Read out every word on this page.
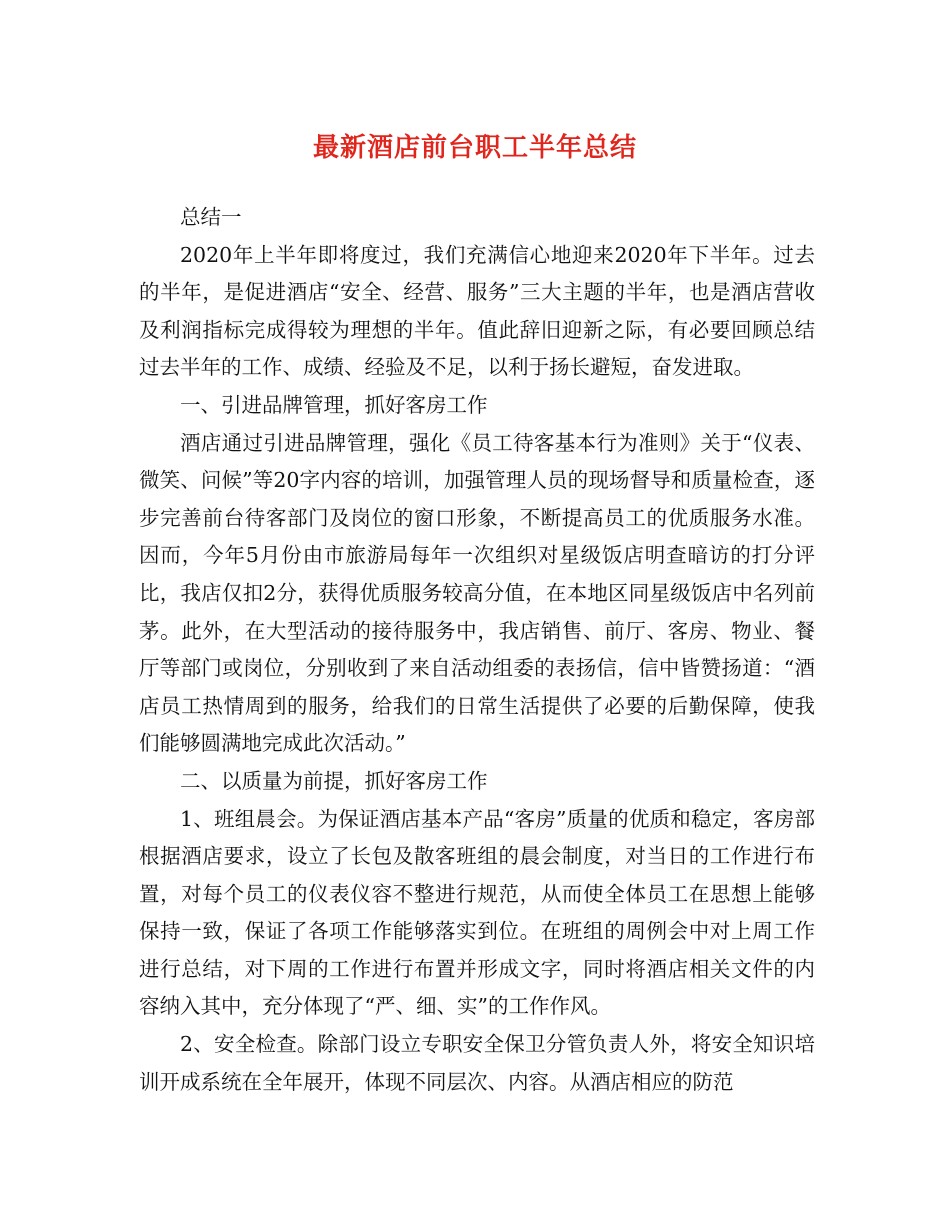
最新酒店前台职工半年总结

总结一

2020年上半年即将度过，我们充满信心地迎来2020年下半年。过去的半年，是促进酒店“安全、经营、服务”三大主题的半年，也是酒店营收及利润指标完成得较为理想的半年。值此辞旧迎新之际，有必要回顾总结过去半年的工作、成绩、经验及不足，以利于扬长避短，奋发进取。

一、引进品牌管理，抓好客房工作

酒店通过引进品牌管理，强化《员工待客基本行为准则》关于“仪表、微笑、问候”等20字内容的培训，加强管理人员的现场督导和质量检查，逐步完善前台待客部门及岗位的窗口形象，不断提高员工的优质服务水准。因而，今年5月份由市旅游局每年一次组织对星级饭店明查暗访的打分评比，我店仅扣2分，获得优质服务较高分值，在本地区同星级饭店中名列前茅。此外，在大型活动的接待服务中，我店销售、前厅、客房、物业、餐厅等部门或岗位，分别收到了来自活动组委的表扬信，信中皆赞扬道：“酒店员工热情周到的服务，给我们的日常生活提供了必要的后勤保障，使我们能够圆满地完成此次活动。”

二、以质量为前提，抓好客房工作

1、班组晨会。为保证酒店基本产品“客房”质量的优质和稳定，客房部根据酒店要求，设立了长包及散客班组的晨会制度，对当日的工作进行布置，对每个员工的仪表仪容不整进行规范，从而使全体员工在思想上能够保持一致，保证了各项工作能够落实到位。在班组的周例会中对上周工作进行总结，对下周的工作进行布置并形成文字，同时将酒店相关文件的内容纳入其中，充分体现了“严、细、实”的工作作风。

2、安全检查。除部门设立专职安全保卫分管负责人外，将安全知识培训开成系统在全年展开，体现不同层次、内容。从酒店相应的防范
